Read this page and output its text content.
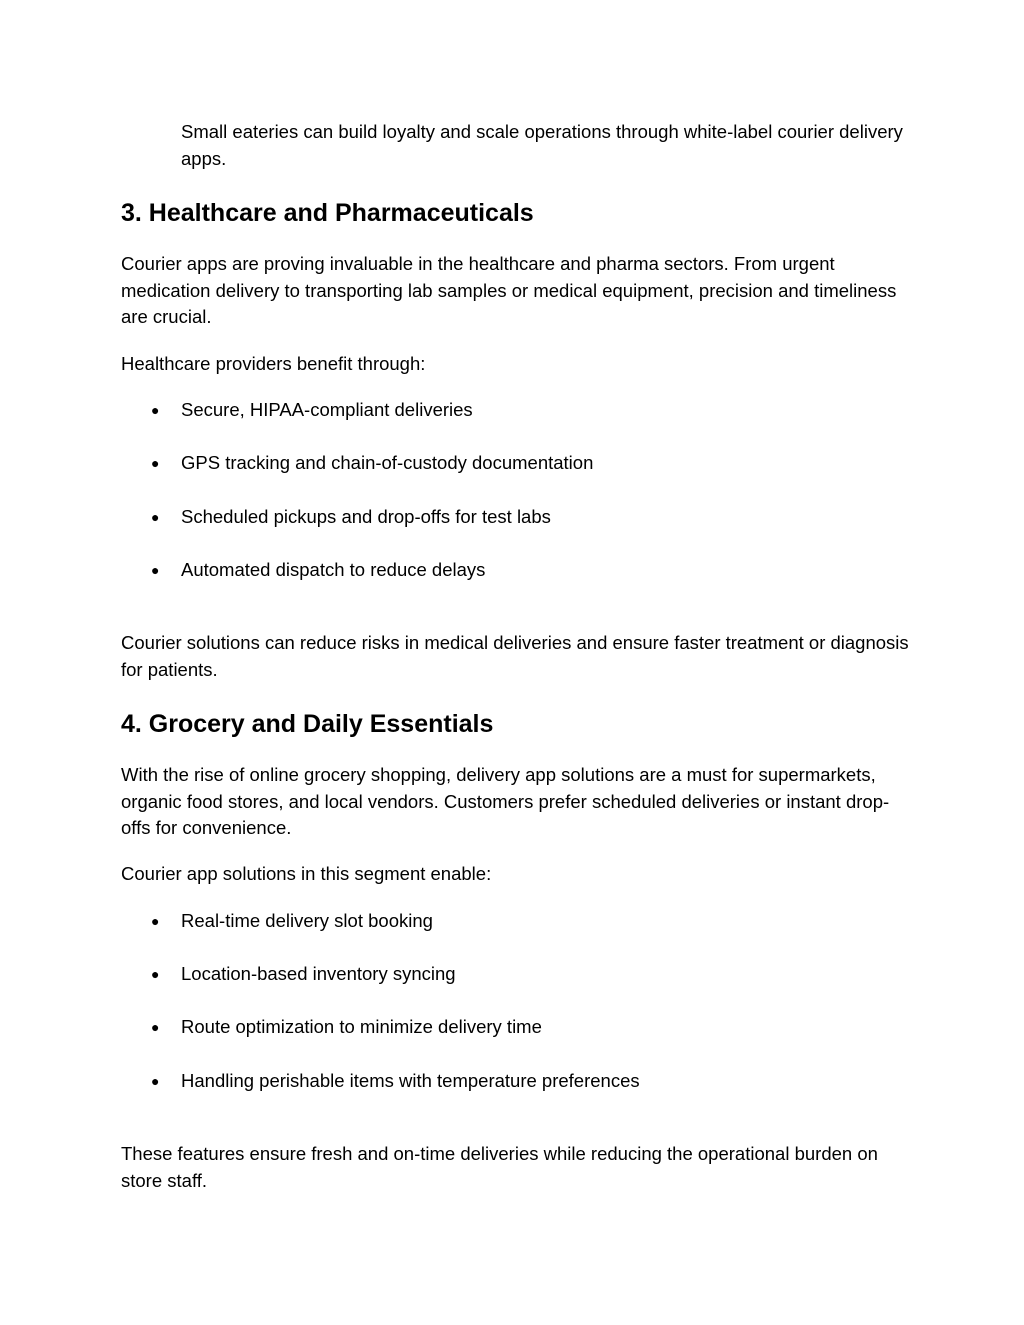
Small eateries can build loyalty and scale operations through white-label courier delivery apps.

3. Healthcare and Pharmaceuticals

Courier apps are proving invaluable in the healthcare and pharma sectors. From urgent medication delivery to transporting lab samples or medical equipment, precision and timeliness are crucial.

Healthcare providers benefit through:

● Secure, HIPAA-compliant deliveries
● GPS tracking and chain-of-custody documentation
● Scheduled pickups and drop-offs for test labs
● Automated dispatch to reduce delays

Courier solutions can reduce risks in medical deliveries and ensure faster treatment or diagnosis for patients.

4. Grocery and Daily Essentials

With the rise of online grocery shopping, delivery app solutions are a must for supermarkets, organic food stores, and local vendors. Customers prefer scheduled deliveries or instant drop-offs for convenience.

Courier app solutions in this segment enable:

● Real-time delivery slot booking
● Location-based inventory syncing
● Route optimization to minimize delivery time
● Handling perishable items with temperature preferences

These features ensure fresh and on-time deliveries while reducing the operational burden on store staff.
